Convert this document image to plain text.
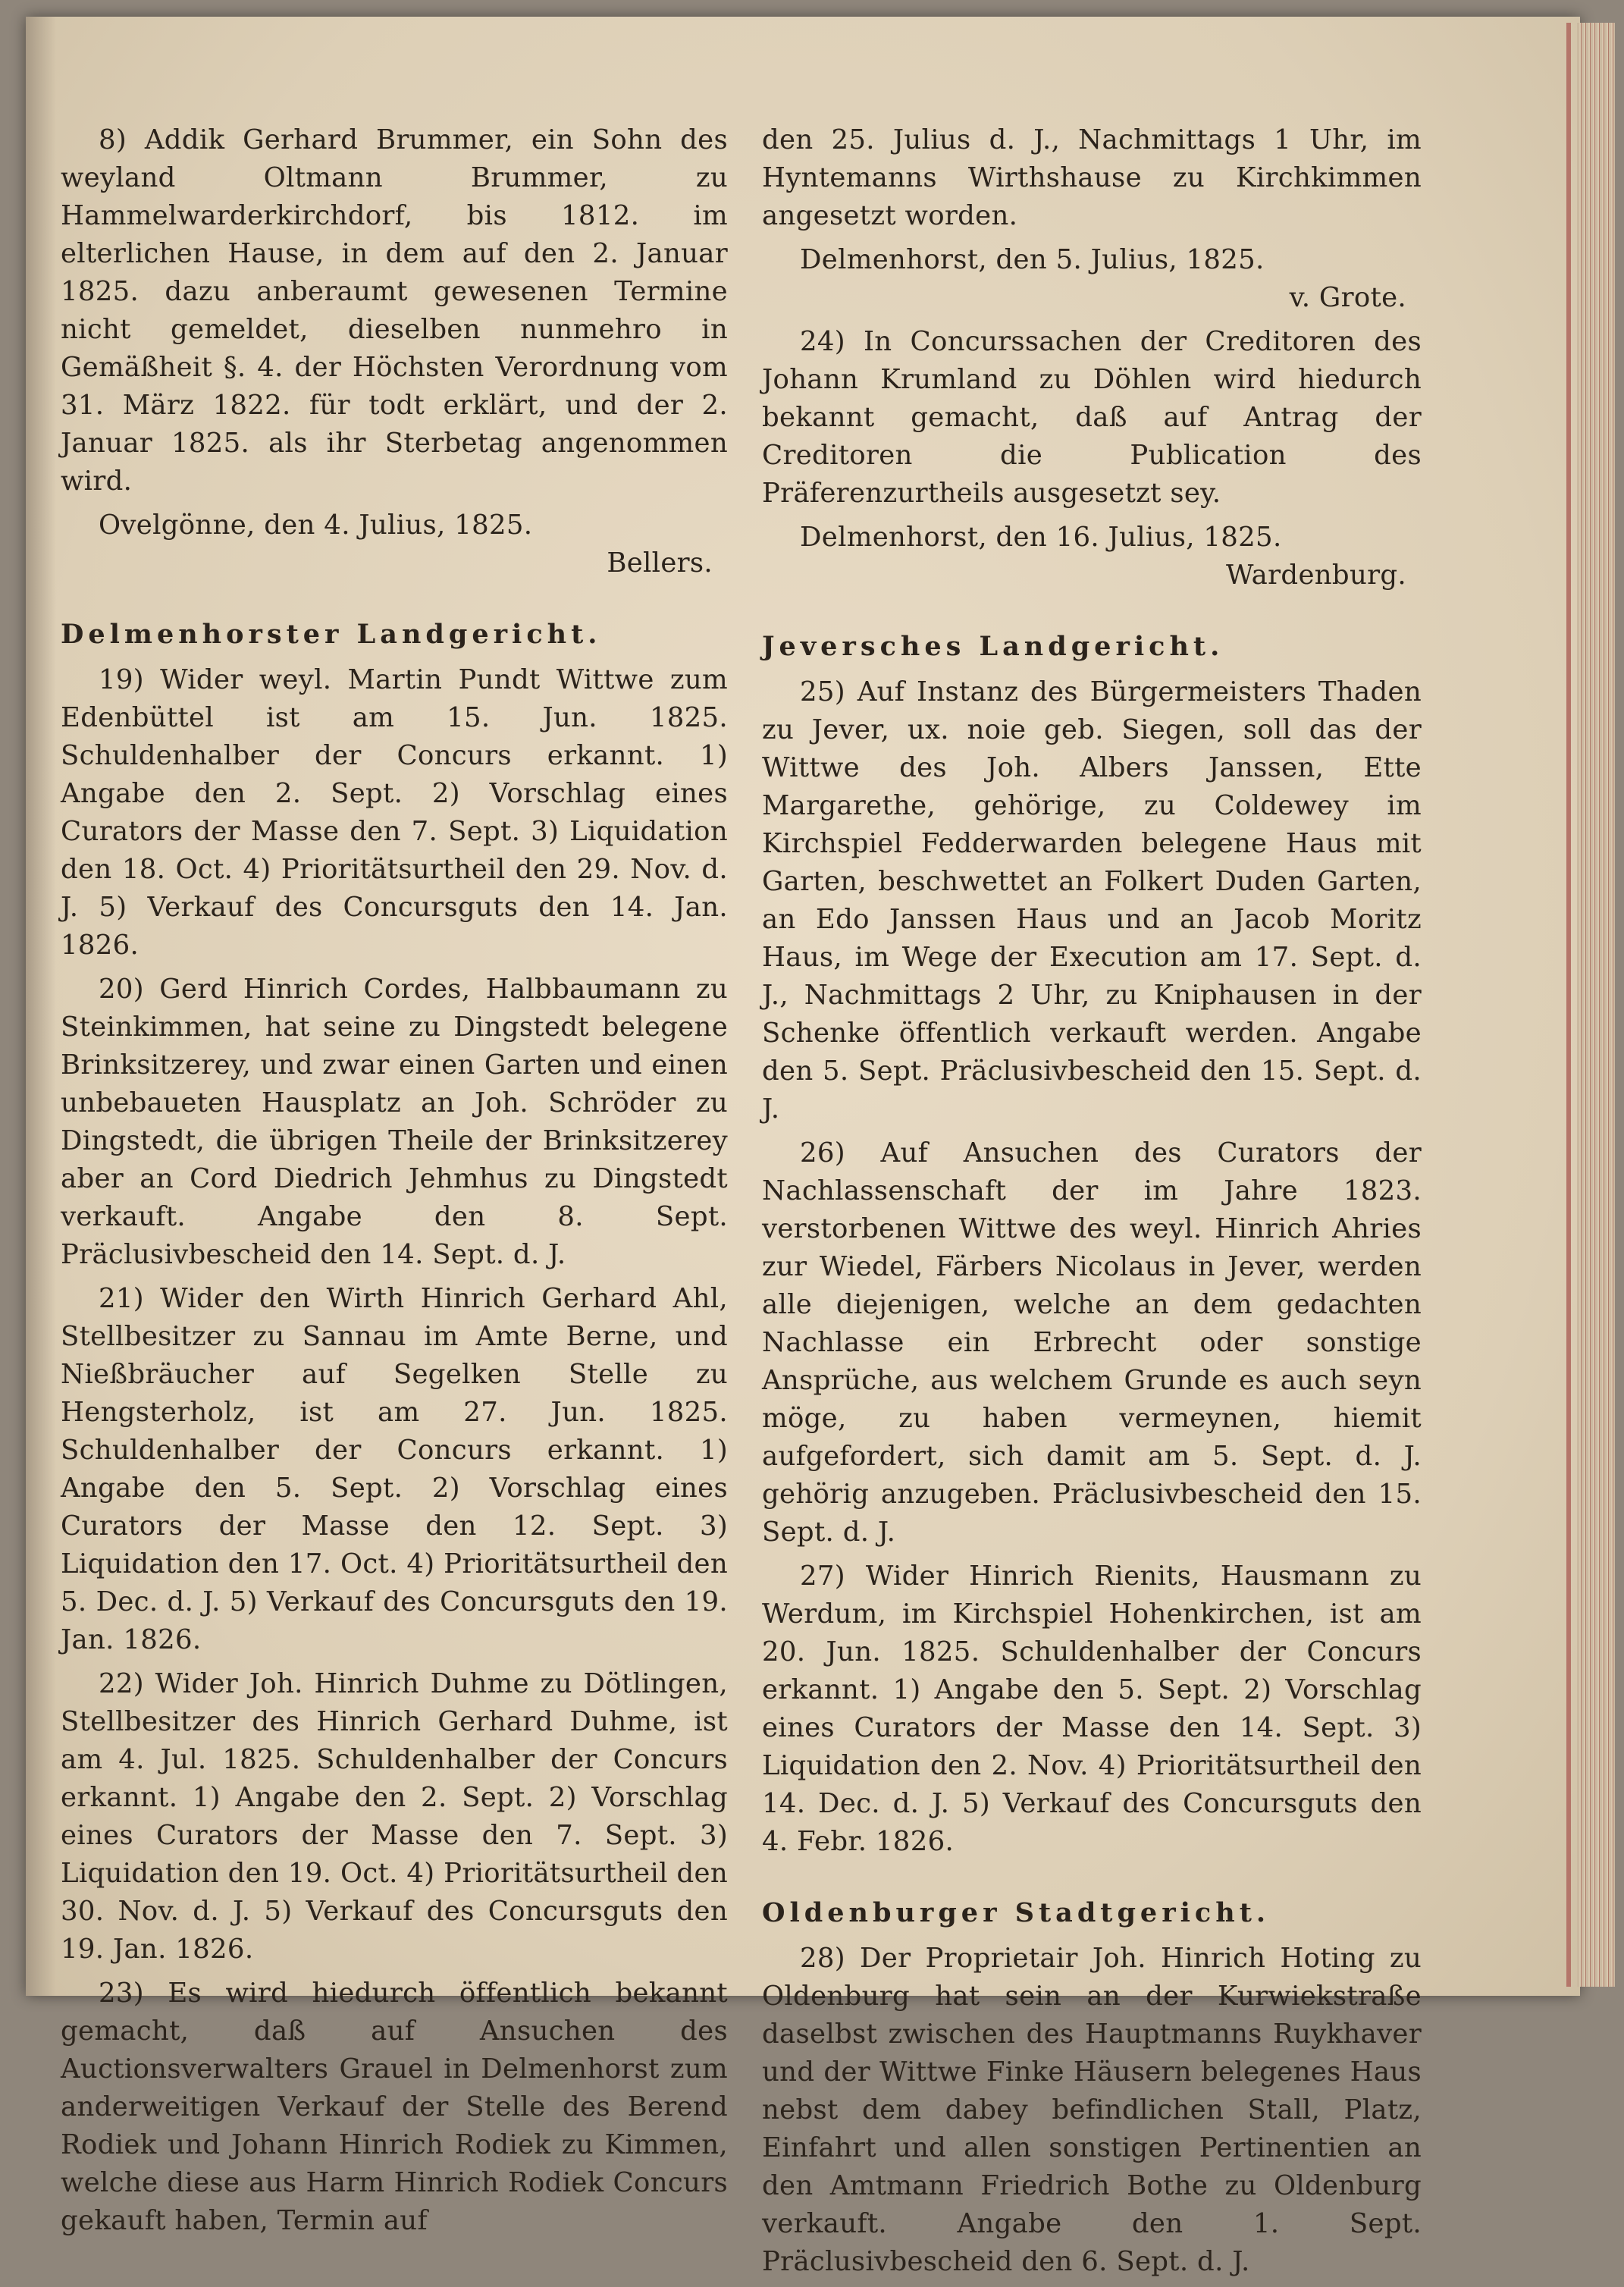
8) Addik Gerhard Brummer, ein Sohn des weyland Oltmann Brummer, zu Hammelwarderkirchdorf, bis 1812. im elterlichen Hause, in dem auf den 2. Januar 1825. dazu anberaumt gewesenen Termine nicht gemeldet, dieselben nunmehro in Gemäßheit §. 4. der Höchsten Verordnung vom 31. März 1822. für todt erklärt, und der 2. Januar 1825. als ihr Sterbetag angenommen wird.

Ovelgönne, den 4. Julius, 1825.

Bellers.

Delmenhorster Landgericht.

19) Wider weyl. Martin Pundt Wittwe zum Edenbüttel ist am 15. Jun. 1825. Schuldenhalber der Concurs erkannt. 1) Angabe den 2. Sept. 2) Vorschlag eines Curators der Masse den 7. Sept. 3) Liquidation den 18. Oct. 4) Prioritätsurtheil den 29. Nov. d. J. 5) Verkauf des Concursguts den 14. Jan. 1826.

20) Gerd Hinrich Cordes, Halbbaumann zu Steinkimmen, hat seine zu Dingstedt belegene Brinksitzerey, und zwar einen Garten und einen unbebaueten Hausplatz an Joh. Schröder zu Dingstedt, die übrigen Theile der Brinksitzerey aber an Cord Diedrich Jehmhus zu Dingstedt verkauft. Angabe den 8. Sept. Präclusivbescheid den 14. Sept. d. J.

21) Wider den Wirth Hinrich Gerhard Ahl, Stellbesitzer zu Sannau im Amte Berne, und Nießbräucher auf Segelken Stelle zu Hengsterholz, ist am 27. Jun. 1825. Schuldenhalber der Concurs erkannt. 1) Angabe den 5. Sept. 2) Vorschlag eines Curators der Masse den 12. Sept. 3) Liquidation den 17. Oct. 4) Prioritätsurtheil den 5. Dec. d. J. 5) Verkauf des Concursguts den 19. Jan. 1826.

22) Wider Joh. Hinrich Duhme zu Dötlingen, Stellbesitzer des Hinrich Gerhard Duhme, ist am 4. Jul. 1825. Schuldenhalber der Concurs erkannt. 1) Angabe den 2. Sept. 2) Vorschlag eines Curators der Masse den 7. Sept. 3) Liquidation den 19. Oct. 4) Prioritätsurtheil den 30. Nov. d. J. 5) Verkauf des Concursguts den 19. Jan. 1826.

23) Es wird hiedurch öffentlich bekannt gemacht, daß auf Ansuchen des Auctionsverwalters Grauel in Delmenhorst zum anderweitigen Verkauf der Stelle des Berend Rodiek und Johann Hinrich Rodiek zu Kimmen, welche diese aus Harm Hinrich Rodiek Concurs gekauft haben, Termin auf

den 25. Julius d. J., Nachmittags 1 Uhr, im Hyntemanns Wirthshause zu Kirchkimmen angesetzt worden.

Delmenhorst, den 5. Julius, 1825.

v. Grote.

24) In Concurssachen der Creditoren des Johann Krumland zu Döhlen wird hiedurch bekannt gemacht, daß auf Antrag der Creditoren die Publication des Präferenzurtheils ausgesetzt sey.

Delmenhorst, den 16. Julius, 1825.

Wardenburg.

Jeversches Landgericht.

25) Auf Instanz des Bürgermeisters Thaden zu Jever, ux. noie geb. Siegen, soll das der Wittwe des Joh. Albers Janssen, Ette Margarethe, gehörige, zu Coldewey im Kirchspiel Fedderwarden belegene Haus mit Garten, beschwettet an Folkert Duden Garten, an Edo Janssen Haus und an Jacob Moritz Haus, im Wege der Execution am 17. Sept. d. J., Nachmittags 2 Uhr, zu Kniphausen in der Schenke öffentlich verkauft werden. Angabe den 5. Sept. Präclusivbescheid den 15. Sept. d. J.

26) Auf Ansuchen des Curators der Nachlassenschaft der im Jahre 1823. verstorbenen Wittwe des weyl. Hinrich Ahries zur Wiedel, Färbers Nicolaus in Jever, werden alle diejenigen, welche an dem gedachten Nachlasse ein Erbrecht oder sonstige Ansprüche, aus welchem Grunde es auch seyn möge, zu haben vermeynen, hiemit aufgefordert, sich damit am 5. Sept. d. J. gehörig anzugeben. Präclusivbescheid den 15. Sept. d. J.

27) Wider Hinrich Rienits, Hausmann zu Werdum, im Kirchspiel Hohenkirchen, ist am 20. Jun. 1825. Schuldenhalber der Concurs erkannt. 1) Angabe den 5. Sept. 2) Vorschlag eines Curators der Masse den 14. Sept. 3) Liquidation den 2. Nov. 4) Prioritätsurtheil den 14. Dec. d. J. 5) Verkauf des Concursguts den 4. Febr. 1826.

Oldenburger Stadtgericht.

28) Der Proprietair Joh. Hinrich Hoting zu Oldenburg hat sein an der Kurwiekstraße daselbst zwischen des Hauptmanns Ruykhaver und der Wittwe Finke Häusern belegenes Haus nebst dem dabey befindlichen Stall, Platz, Einfahrt und allen sonstigen Pertinentien an den Amtmann Friedrich Bothe zu Oldenburg verkauft. Angabe den 1. Sept. Präclusivbescheid den 6. Sept. d. J.
